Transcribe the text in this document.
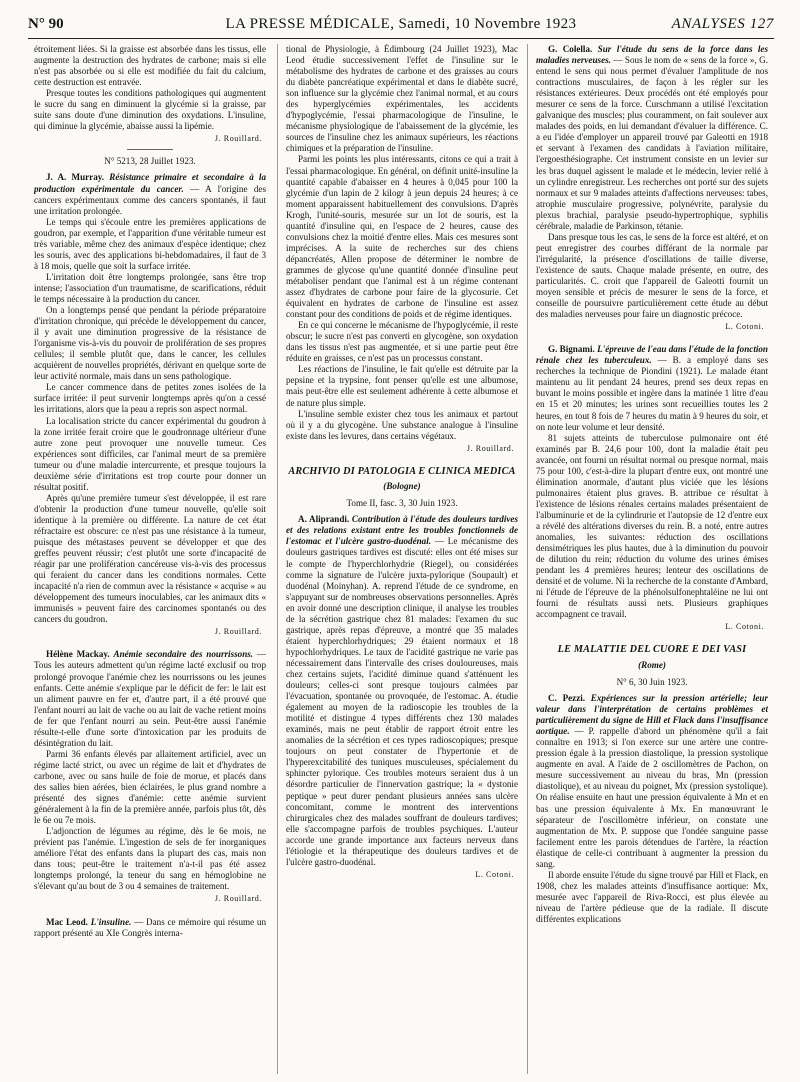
N° 90	LA PRESSE MÉDICALE, Samedi, 10 Novembre 1923	ANALYSES 127

étroitement liées. Si la graisse est absorbée dans les tissus, elle augmente la destruction des hydrates de carbone; mais si elle n'est pas absorbée ou si elle est modifiée du fait du calcium, cette destruction est entravée.

Presque toutes les conditions pathologiques qui augmentent le sucre du sang en diminuent la glycémie si la graisse, par suite sans doute d'une diminution des oxydations. L'insuline, qui diminue la glycémie, abaisse aussi la lipémie.

J. Rouillard.

N° 5213, 28 Juillet 1923.

J. A. Murray. Résistance primaire et secondaire à la production expérimentale du cancer. — A l'origine des cancers expérimentaux comme des cancers spontanés, il faut une irritation prolongée.

Le temps qui s'écoule entre les premières applications de goudron, par exemple, et l'apparition d'une véritable tumeur est très variable, même chez des animaux d'espèce identique; chez les souris, avec des applications bi-hebdomadaires, il faut de 3 à 18 mois, quelle que soit la surface irritée.

L'irritation doit être longtemps prolongée, sans être trop intense; l'association d'un traumatisme, de scarifications, réduit le temps nécessaire à la production du cancer.

On a longtemps pensé que pendant la période préparatoire d'irritation chronique, qui précède le développement du cancer, il y avait une diminution progressive de la résistance de l'organisme vis-à-vis du pouvoir de prolifération de ses propres cellules; il semble plutôt que, dans le cancer, les cellules acquièrent de nouvelles propriétés, dérivant en quelque sorte de leur activité normale, mais dans un sens pathologique.

Le cancer commence dans de petites zones isolées de la surface irritée: il peut survenir longtemps après qu'on a cessé les irritations, alors que la peau a repris son aspect normal.

La localisation stricte du cancer expérimental du goudron à la zone irritée ferait croire que le goudronnage ultérieur d'une autre zone peut provoquer une nouvelle tumeur. Ces expériences sont difficiles, car l'animal meurt de sa première tumeur ou d'une maladie intercurrente, et presque toujours la deuxième série d'irritations est trop courte pour donner un résultat positif.

Après qu'une première tumeur s'est développée, il est rare d'obtenir la production d'une tumeur nouvelle, qu'elle soit identique à la première ou différente. La nature de cet état réfractaire est obscure: ce n'est pas une résistance à la tumeur, puisque des métastases peuvent se développer et que des greffes peuvent réussir; c'est plutôt une sorte d'incapacité de réagir par une prolifération cancéreuse vis-à-vis des processus qui feraient du cancer dans les conditions normales. Cette incapacité n'a rien de commun avec la résistance « acquise » au développement des tumeurs inoculables, car les animaux dits « immunisés » peuvent faire des carcinomes spontanés ou des cancers du goudron.

J. Rouillard.

Hélène Mackay. Anémie secondaire des nourrissons. — Tous les auteurs admettent qu'un régime lacté exclusif ou trop prolongé provoque l'anémie chez les nourrissons ou les jeunes enfants. Cette anémie s'explique par le déficit de fer: le lait est un aliment pauvre en fer et, d'autre part, il a été prouvé que l'enfant nourri au lait de vache ou au lait de vache retient moins de fer que l'enfant nourri au sein. Peut-être aussi l'anémie résulte-t-elle d'une sorte d'intoxication par les produits de désintégration du lait.

Parmi 36 enfants élevés par allaitement artificiel, avec un régime lacté strict, ou avec un régime de lait et d'hydrates de carbone, avec ou sans huile de foie de morue, et placés dans des salles bien aérées, bien éclairées, le plus grand nombre a présenté des signes d'anémie: cette anémie survient généralement à la fin de la première année, parfois plus tôt, dès le 6e ou 7e mois.

L'adjonction de légumes au régime, dès le 6e mois, ne prévient pas l'anémie. L'ingestion de sels de fer inorganiques améliore l'état des enfants dans la plupart des cas, mais non dans tous; peut-être le traitement n'a-t-il pas été assez longtemps prolongé, la teneur du sang en hémoglobine ne s'élevant qu'au bout de 3 ou 4 semaines de traitement.

J. Rouillard.

Mac Leod. L'insuline. — Dans ce mémoire qui résume un rapport présenté au XIe Congrès interna-

tional de Physiologie, à Édimbourg (24 Juillet 1923), Mac Leod étudie successivement l'effet de l'insuline sur le métabolisme des hydrates de carbone et des graisses au cours du diabète pancréatique expérimental et dans le diabète sucré, son influence sur la glycémie chez l'animal normal, et au cours des hyperglycémies expérimentales, les accidents d'hypoglycémie, l'essai pharmacologique de l'insuline, le mécanisme physiologique de l'abaissement de la glycémie, les sources de l'insuline chez les animaux supérieurs, les réactions chimiques et la préparation de l'insuline.

Parmi les points les plus intéressants, citons ce qui a trait à l'essai pharmacologique. En général, on définit unité-insuline la quantité capable d'abaisser en 4 heures à 0,045 pour 100 la glycémie d'un lapin de 2 kilogr à jeun depuis 24 heures; à ce moment apparaissent habituellement des convulsions. D'après Krogh, l'unité-souris, mesurée sur un lot de souris, est la quantité d'insuline qui, en l'espace de 2 heures, cause des convulsions chez la moitié d'entre elles. Mais ces mesures sont imprécises. A la suite de recherches sur des chiens dépancréatés, Allen propose de déterminer le nombre de grammes de glycose qu'une quantité donnée d'insuline peut métaboliser pendant que l'animal est à un régime contenant assez d'hydrates de carbone pour faire de la glycosurie. Cet équivalent en hydrates de carbone de l'insuline est assez constant pour des conditions de poids et de régime identiques.

En ce qui concerne le mécanisme de l'hypoglycémie, il reste obscur; le sucre n'est pas converti en glycogène, son oxydation dans les tissus n'est pas augmentée, et si une partie peut être réduite en graisses, ce n'est pas un processus constant.

Les réactions de l'insuline, le fait qu'elle est détruite par la pepsine et la trypsine, font penser qu'elle est une albumose, mais peut-être elle est seulement adhérente à cette albumose et de nature plus simple.

L'insuline semble exister chez tous les animaux et partout où il y a du glycogène. Une substance analogue à l'insuline existe dans les levures, dans certains végétaux.

J. Rouillard.

ARCHIVIO DI PATOLOGIA E CLINICA MEDICA

(Bologne)

Tome II, fasc. 3, 30 Juin 1923.

A. Aliprandi. Contribution à l'étude des douleurs tardives et des relations existant entre les troubles fonctionnels de l'estomac et l'ulcère gastro-duodénal. — Le mécanisme des douleurs gastriques tardives est discuté: elles ont été mises sur le compte de l'hyperchlorhydrie (Riegel), ou considérées comme la signature de l'ulcère juxta-pylorique (Soupault) et duodénal (Moinyhan). A. reprend l'étude de ce syndrome, en s'appuyant sur de nombreuses observations personnelles. Après en avoir donné une description clinique, il analyse les troubles de la sécrétion gastrique chez 81 malades: l'examen du suc gastrique, après repas d'épreuve, a montré que 35 malades étaient hyperchlorhydriques; 29 étaient normaux et 18 hypochlorhydriques. Le taux de l'acidité gastrique ne varie pas nécessairement dans l'intervalle des crises douloureuses, mais chez certains sujets, l'acidité diminue quand s'atténuent les douleurs; celles-ci sont presque toujours calmées par l'évacuation, spontanée ou provoquée, de l'estomac. A. étudie également au moyen de la radioscopie les troubles de la motilité et distingue 4 types différents chez 130 malades examinés, mais ne peut établir de rapport étroit entre les anomalies de la sécrétion et ces types radioscopiques; presque toujours on peut constater de l'hypertonie et de l'hyperexcitabilité des tuniques musculeuses, spécialement du sphincter pylorique. Ces troubles moteurs seraient dus à un désordre particulier de l'innervation gastrique; la « dystonie peptique » peut durer pendant plusieurs années sans ulcère concomitant, comme le montrent des interventions chirurgicales chez des malades souffrant de douleurs tardives; elle s'accompagne parfois de troubles psychiques. L'auteur accorde une grande importance aux facteurs nerveux dans l'étiologie et la thérapeutique des douleurs tardives et de l'ulcère gastro-duodénal.

L. Cotoni.

G. Colella. Sur l'étude du sens de la force dans les maladies nerveuses. — Sous le nom de « sens de la force », G. entend le sens qui nous permet d'évaluer l'amplitude de nos contractions musculaires, de façon à les régler sur les résistances extérieures. Deux procédés ont été employés pour mesurer ce sens de la force. Curschmann a utilisé l'excitation galvanique des muscles; plus couramment, on fait soulever aux malades des poids, en lui demandant d'évaluer la différence. C. a eu l'idée d'employer un appareil trouvé par Galeotti en 1918 et servant à l'examen des candidats à l'aviation militaire, l'ergoesthésiographe. Cet instrument consiste en un levier sur les bras duquel agissent le malade et le médecin, levier relié à un cylindre enregistreur. Les recherches ont porté sur des sujets normaux et sur 9 malades atteints d'affections nerveuses: tabes, atrophie musculaire progressive, polynévrite, paralysie du plexus brachial, paralysie pseudo-hypertrophique, syphilis cérébrale, maladie de Parkinson, tétanie.

Dans presque tous les cas, le sens de la force est altéré, et on peut enregistrer des courbes différant de la normale par l'irrégularité, la présence d'oscillations de taille diverse, l'existence de sauts. Chaque malade présente, en outre, des particularités. C. croit que l'appareil de Galeotti fournit un moyen sensible et précis de mesurer le sens de la force, et conseille de poursuivre particulièrement cette étude au début des maladies nerveuses pour faire un diagnostic précoce.

L. Cotoni.

G. Bignami. L'épreuve de l'eau dans l'étude de la fonction rénale chez les tuberculeux. — B. a employé dans ses recherches la technique de Piondini (1921). Le malade étant maintenu au lit pendant 24 heures, prend ses deux repas en buvant le moins possible et ingère dans la matinée 1 litre d'eau en 15 et 20 minutes; les urines sont recueillies toutes les 2 heures, en tout 8 fois de 7 heures du matin à 9 heures du soir, et on note leur volume et leur densité.

81 sujets atteints de tuberculose pulmonaire ont été examinés par B. 24,6 pour 100, dont la maladie était peu avancée, ont fourni un résultat normal ou presque normal, mais 75 pour 100, c'est-à-dire la plupart d'entre eux, ont montré une élimination anormale, d'autant plus viciée que les lésions pulmonaires étaient plus graves. B. attribue ce résultat à l'existence de lésions rénales certains malades présentaient de l'albuminurie et de la cylindrurie et l'autopsie de 12 d'entre eux a révélé des altérations diverses du rein. B. a noté, entre autres anomalies, les suivantes: réduction des oscillations densimétriques les plus hautes, due à la diminution du pouvoir de dilution du rein; réduction du volume des urines émises pendant les 4 premières heures; lenteur des oscillations de densité et de volume. Ni la recherche de la constante d'Ambard, ni l'étude de l'épreuve de la phénolsulfonephtaléine ne lui ont fourni de résultats aussi nets. Plusieurs graphiques accompagnent ce travail.

L. Cotoni.

LE MALATTIE DEL CUORE E DEI VASI

(Rome)

N° 6, 30 Juin 1923.

C. Pezzi. Expériences sur la pression artérielle; leur valeur dans l'interprétation de certains problèmes et particulièrement du signe de Hill et Flack dans l'insuffisance aortique. — P. rappelle d'abord un phénomène qu'il a fait connaître en 1913; si l'on exerce sur une artère une contre-pression égale à la pression diastolique, la pression systolique augmente en aval. A l'aide de 2 oscillomètres de Pachon, on mesure successivement au niveau du bras, Mn (pression diastolique), et au niveau du poignet, Mx (pression systolique). On réalise ensuite en haut une pression équivalente à Mn et en bas une pression équivalente à Mx. En manœuvrant le séparateur de l'oscillomètre inférieur, on constate une augmentation de Mx. P. suppose que l'ondée sanguine passe facilement entre les parois détendues de l'artère, la réaction élastique de celle-ci contribuant à augmenter la pression du sang.

Il aborde ensuite l'étude du signe trouvé par Hill et Flack, en 1908, chez les malades atteints d'insuffisance aortique: Mx, mesurée avec l'appareil de Riva-Rocci, est plus élevée au niveau de l'artère pédieuse que de la radiale. Il discute différentes explications
